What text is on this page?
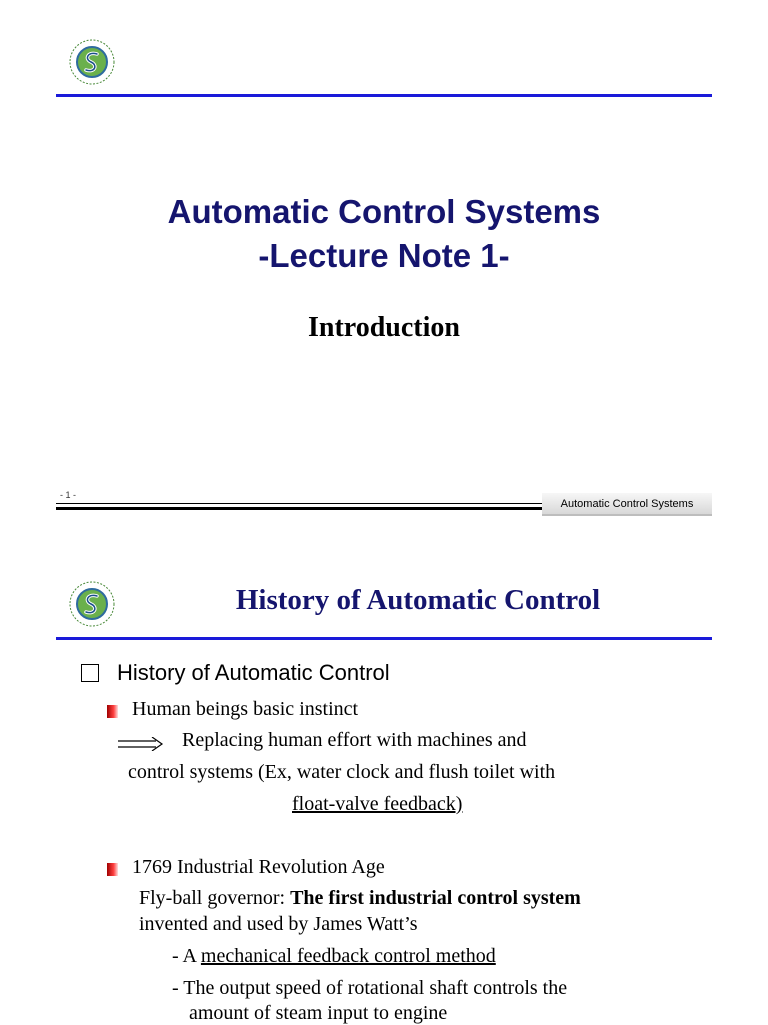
Automatic Control Systems
-Lecture Note 1-
Introduction
- 1 -
Automatic Control Systems
History of Automatic Control
History of Automatic Control
Human beings basic instinct
Replacing human effort with machines and
control systems (Ex, water clock and flush toilet with
float-valve feedback)
1769 Industrial Revolution Age
Fly-ball governor: The first industrial control system
invented and used by James Watt’s
- A mechanical feedback control method
- The output speed of rotational shaft controls the
amount of steam input to engine
